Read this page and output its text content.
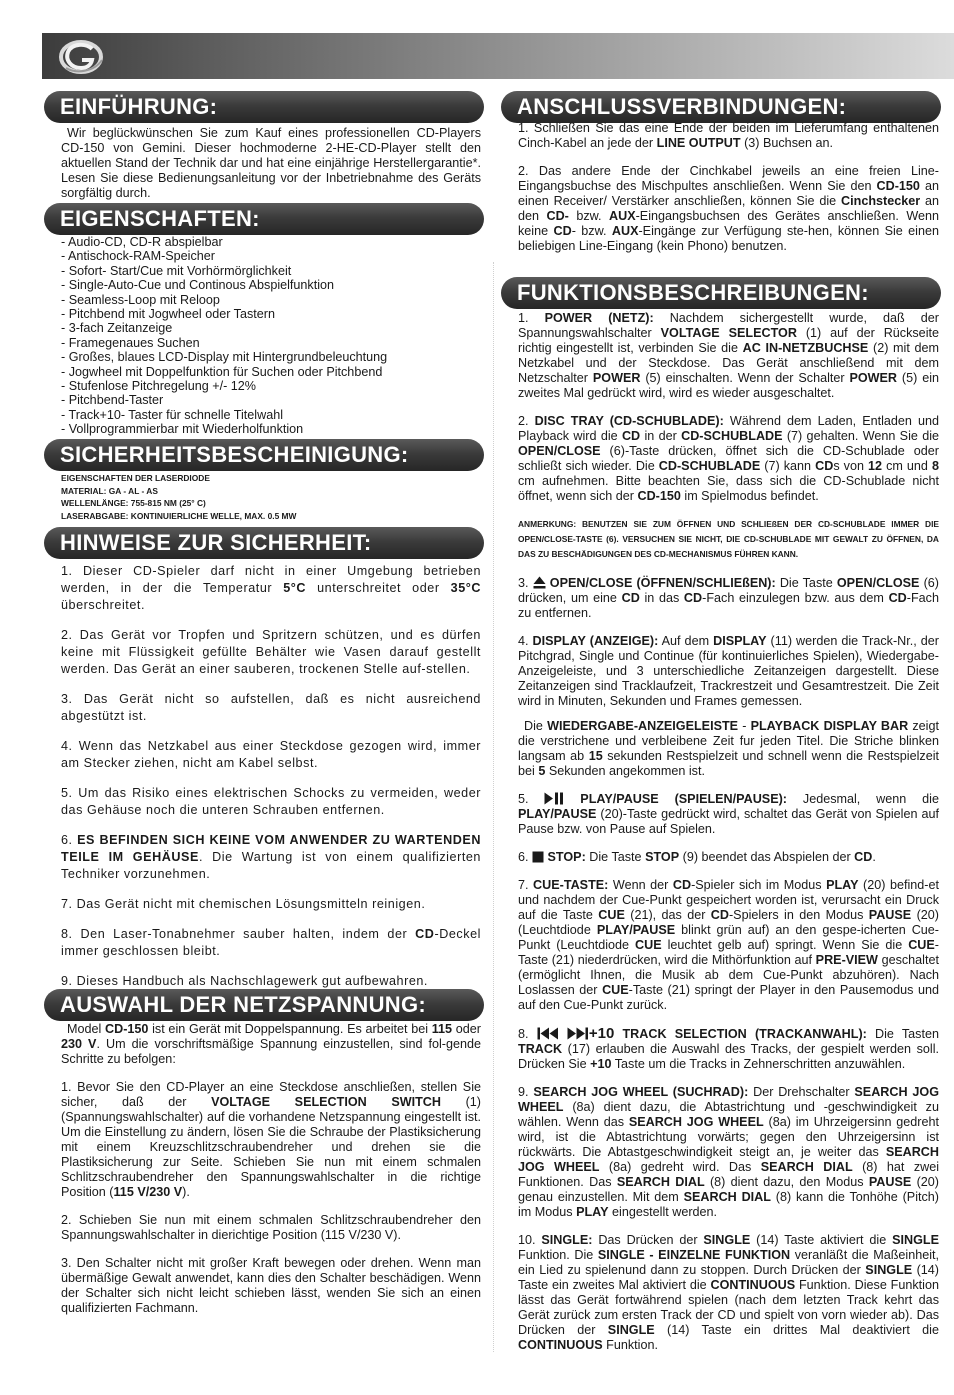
EINFÜHRUNG:
Wir beglückwünschen Sie zum Kauf eines professionellen CD-Players CD-150 von Gemini. Dieser hochmoderne 2-HE-CD-Player stellt den aktuellen Stand der Technik dar und hat eine einjährige Herstellergarantie*. Lesen Sie diese Bedienungsanleitung vor der Inbetriebnahme des Geräts sorgfältig durch.
EIGENSCHAFTEN:
- Audio-CD, CD-R abspielbar
- Antischock-RAM-Speicher
- Sofort- Start/Cue mit Vorhörmörglichkeit
- Single-Auto-Cue und Continous Abspielfunktion
- Seamless-Loop mit Reloop
- Pitchbend mit Jogwheel oder Tastern
- 3-fach Zeitanzeige
- Framegenaues Suchen
- Großes, blaues LCD-Display mit Hintergrundbeleuchtung
- Jogwheel mit Doppelfunktion für Suchen oder Pitchbend
- Stufenlose Pitchregelung +/- 12%
- Pitchbend-Taster
- Track+10- Taster für schnelle Titelwahl
- Vollprogrammierbar mit Wiederholfunktion
SICHERHEITSBESCHEINIGUNG:
EIGENSCHAFTEN DER LASERDIODE
MATERIAL: GA - AL - AS
WELLENLÄNGE: 755-815 NM (25° C)
LASERABGABE: KONTINUIERLICHE WELLE, MAX. 0.5 MW
HINWEISE ZUR SICHERHEIT:

1. Dieser CD-Spieler darf nicht in einer Umgebung betrieben werden, in der die Temperatur 5°C unterschreitet oder 35°C überschreitet.

2. Das Gerät vor Tropfen und Spritzern schützen, und es dürfen keine mit Flüssigkeit gefüllte Behälter wie Vasen darauf gestellt werden. Das Gerät an einer sauberen, trockenen Stelle auf-stellen.

3. Das Gerät nicht so aufstellen, daß es nicht ausreichend abgestützt ist.

4. Wenn das Netzkabel aus einer Steckdose gezogen wird, immer am Stecker ziehen, nicht am Kabel selbst.

5. Um das Risiko eines elektrischen Schocks zu vermeiden, weder das Gehäuse noch die unteren Schrauben entfernen.

6. ES BEFINDEN SICH KEINE VOM ANWENDER ZU WARTENDEN TEILE IM GEHÄUSE. Die Wartung ist von einem qualifizierten Techniker vorzunehmen.

7. Das Gerät nicht mit chemischen Lösungsmitteln reinigen.

8. Den Laser-Tonabnehmer sauber halten, indem der CD-Deckel immer geschlossen bleibt.

9. Dieses Handbuch als Nachschlagewerk gut aufbewahren.

AUSWAHL DER NETZSPANNUNG:

Model CD-150 ist ein Gerät mit Doppelspannung. Es arbeitet bei 115 oder 230 V. Um die vorschriftsmäßige Spannung einzustellen, sind fol-gende Schritte zu befolgen:

1. Bevor Sie den CD-Player an eine Steckdose anschließen, stellen Sie sicher, daß der VOLTAGE SELECTION SWITCH (1) (Spannungswahlschalter) auf die vorhandene Netzspannung eingestellt ist. Um die Einstellung zu ändern, lösen Sie die Schraube der Plastiksicherung mit einem Kreuzschlitzschraubendreher und drehen sie die Plastiksicherung zur Seite. Schieben Sie nun mit einem schmalen Schlitzschraubendreher den Spannungswahlschalter in die richtige Position (115 V/230 V).

2. Schieben Sie nun mit einem schmalen Schlitzschraubendreher den Spannungswahlschalter in dierichtige Position (115 V/230 V).

3. Den Schalter nicht mit großer Kraft bewegen oder drehen. Wenn man übermäßige Gewalt anwendet, kann dies den Schalter beschädigen. Wenn der Schalter sich nicht leicht schieben lässt, wenden Sie sich an einen qualifizierten Fachmann.

ANSCHLUSSVERBINDUNGEN:

1. Schließen Sie das eine Ende der beiden im Lieferumfang enthaltenen Cinch-Kabel an jede der LINE OUTPUT (3) Buchsen an.

2. Das andere Ende der Cinchkabel jeweils an eine freien Line-Eingangsbuchse des Mischpultes anschließen. Wenn Sie den CD-150 an einen Receiver/ Verstärker anschließen, können Sie die Cinchstecker an den CD- bzw. AUX-Eingangsbuchsen des Gerätes anschließen. Wenn keine CD- bzw. AUX-Eingänge zur Verfügung ste-hen, können Sie einen beliebigen Line-Eingang (kein Phono) benutzen.

FUNKTIONSBESCHREIBUNGEN:

1. POWER (NETZ): Nachdem sichergestellt wurde, daß der Spannungswahlschalter VOLTAGE SELECTOR (1) auf der Rückseite richtig eingestellt ist, verbinden Sie die AC IN-NETZBUCHSE (2) mit dem Netzkabel und der Steckdose. Das Gerät anschließend mit dem Netzschalter POWER (5) einschalten. Wenn der Schalter POWER (5) ein zweites Mal gedrückt wird, wird es wieder ausgeschaltet.

2. DISC TRAY (CD-SCHUBLADE): Während dem Laden, Entladen und Playback wird die CD in der CD-SCHUBLADE (7) gehalten. Wenn Sie die OPEN/CLOSE (6)-Taste drücken, öffnet sich die CD-Schublade oder schließt sich wieder. Die CD-SCHUBLADE (7) kann CDs von 12 cm und 8 cm aufnehmen. Bitte beachten Sie, dass sich die CD-Schublade nicht öffnet, wenn sich der CD-150 im Spielmodus befindet.

ANMERKUNG: BENUTZEN SIE ZUM ÖFFNEN UND SCHLIEßEN DER CD-SCHUBLADE IMMER DIE OPEN/CLOSE-TASTE (6). VERSUCHEN SIE NICHT, DIE CD-SCHUBLADE MIT GEWALT ZU ÖFFNEN, DA DAS ZU BESCHÄDIGUNGEN DES CD-MECHANISMUS FÜHREN KANN.

3.  OPEN/CLOSE (ÖFFNEN/SCHLIEßEN): Die Taste OPEN/CLOSE (6) drücken, um eine CD in das CD-Fach einzulegen bzw. aus dem CD-Fach zu entfernen.

4. DISPLAY (ANZEIGE): Auf dem DISPLAY (11) werden die Track-Nr., der Pitchgrad, Single und Continue (für kontinuierliches Spielen), Wiedergabe-Anzeigeleiste, und 3 unterschiedliche Zeitanzeigen dargestellt. Diese Zeitanzeigen sind Tracklaufzeit, Trackrestzeit und Gesamtrestzeit. Die Zeit wird in Minuten, Sekunden und Frames gemessen.

Die WIEDERGABE-ANZEIGELEISTE - PLAYBACK DISPLAY BAR zeigt die verstrichene und verbleibene Zeit fur jeden Titel. Die Striche blinken langsam ab 15 sekunden Restspielzeit und schnell wenn die Restspielzeit bei 5 Sekunden angekommen ist.

5.  PLAY/PAUSE (SPIELEN/PAUSE): Jedesmal, wenn die PLAY/PAUSE (20)-Taste gedrückt wird, schaltet das Gerät von Spielen auf Pause bzw. von Pause auf Spielen.

6.  STOP: Die Taste STOP (9) beendet das Abspielen der CD.

7. CUE-TASTE: Wenn der CD-Spieler sich im Modus PLAY (20) befind-et und nachdem der Cue-Punkt gespeichert worden ist, verursacht ein Druck auf die Taste CUE (21), das der CD-Spielers in den Modus PAUSE (20) (Leuchtdiode PLAY/PAUSE blinkt grün auf) an den gespe-icherten Cue-Punkt (Leuchtdiode CUE leuchtet gelb auf) springt. Wenn Sie die CUE-Taste (21) niederdrücken, wird die Mithörfunktion auf PRE-VIEW geschaltet (ermöglicht Ihnen, die Musik ab dem Cue-Punkt abzuhören). Nach Loslassen der CUE-Taste (21) springt der Player in den Pausemodus und auf den Cue-Punkt zurück.

8.	+10 TRACK SELECTION (TRACKANWAHL): Die Tasten TRACK (17) erlauben die Auswahl des Tracks, der gespielt werden soll. Drücken Sie +10 Taste um die Tracks in Zehnerschritten anzuwählen.

9. SEARCH JOG WHEEL (SUCHRAD): Der Drehschalter SEARCH JOG WHEEL (8a) dient dazu, die Abtastrichtung und -geschwindigkeit zu wählen. Wenn das SEARCH JOG WHEEL (8a) im Uhrzeigersinn gedreht wird, ist die Abtastrichtung vorwärts; gegen den Uhrzeigersinn ist rückwärts. Die Abtastgeschwindigkeit steigt an, je weiter das SEARCH JOG WHEEL (8a) gedreht wird. Das SEARCH DIAL (8) hat zwei Funktionen. Das SEARCH DIAL (8) dient dazu, den Modus PAUSE (20) genau einzustellen. Mit dem SEARCH DIAL (8) kann die Tonhöhe (Pitch) im Modus PLAY eingestellt werden.

10. SINGLE: Das Drücken der SINGLE (14) Taste aktiviert die SINGLE Funktion. Die SINGLE - EINZELNE FUNKTION veranläßt die Maßeinheit, ein Lied zu spielenund dann zu stoppen. Durch Drücken der SINGLE (14) Taste ein zweites Mal aktiviert die CONTINUOUS Funktion. Diese Funktion lässt das Gerät fortwährend spielen (nach dem letzten Track kehrt das Gerät zurück zum ersten Track der CD und spielt von vorn wieder ab). Das Drücken der SINGLE (14) Taste ein drittes Mal deaktiviert die CONTINUOUS Funktion.
